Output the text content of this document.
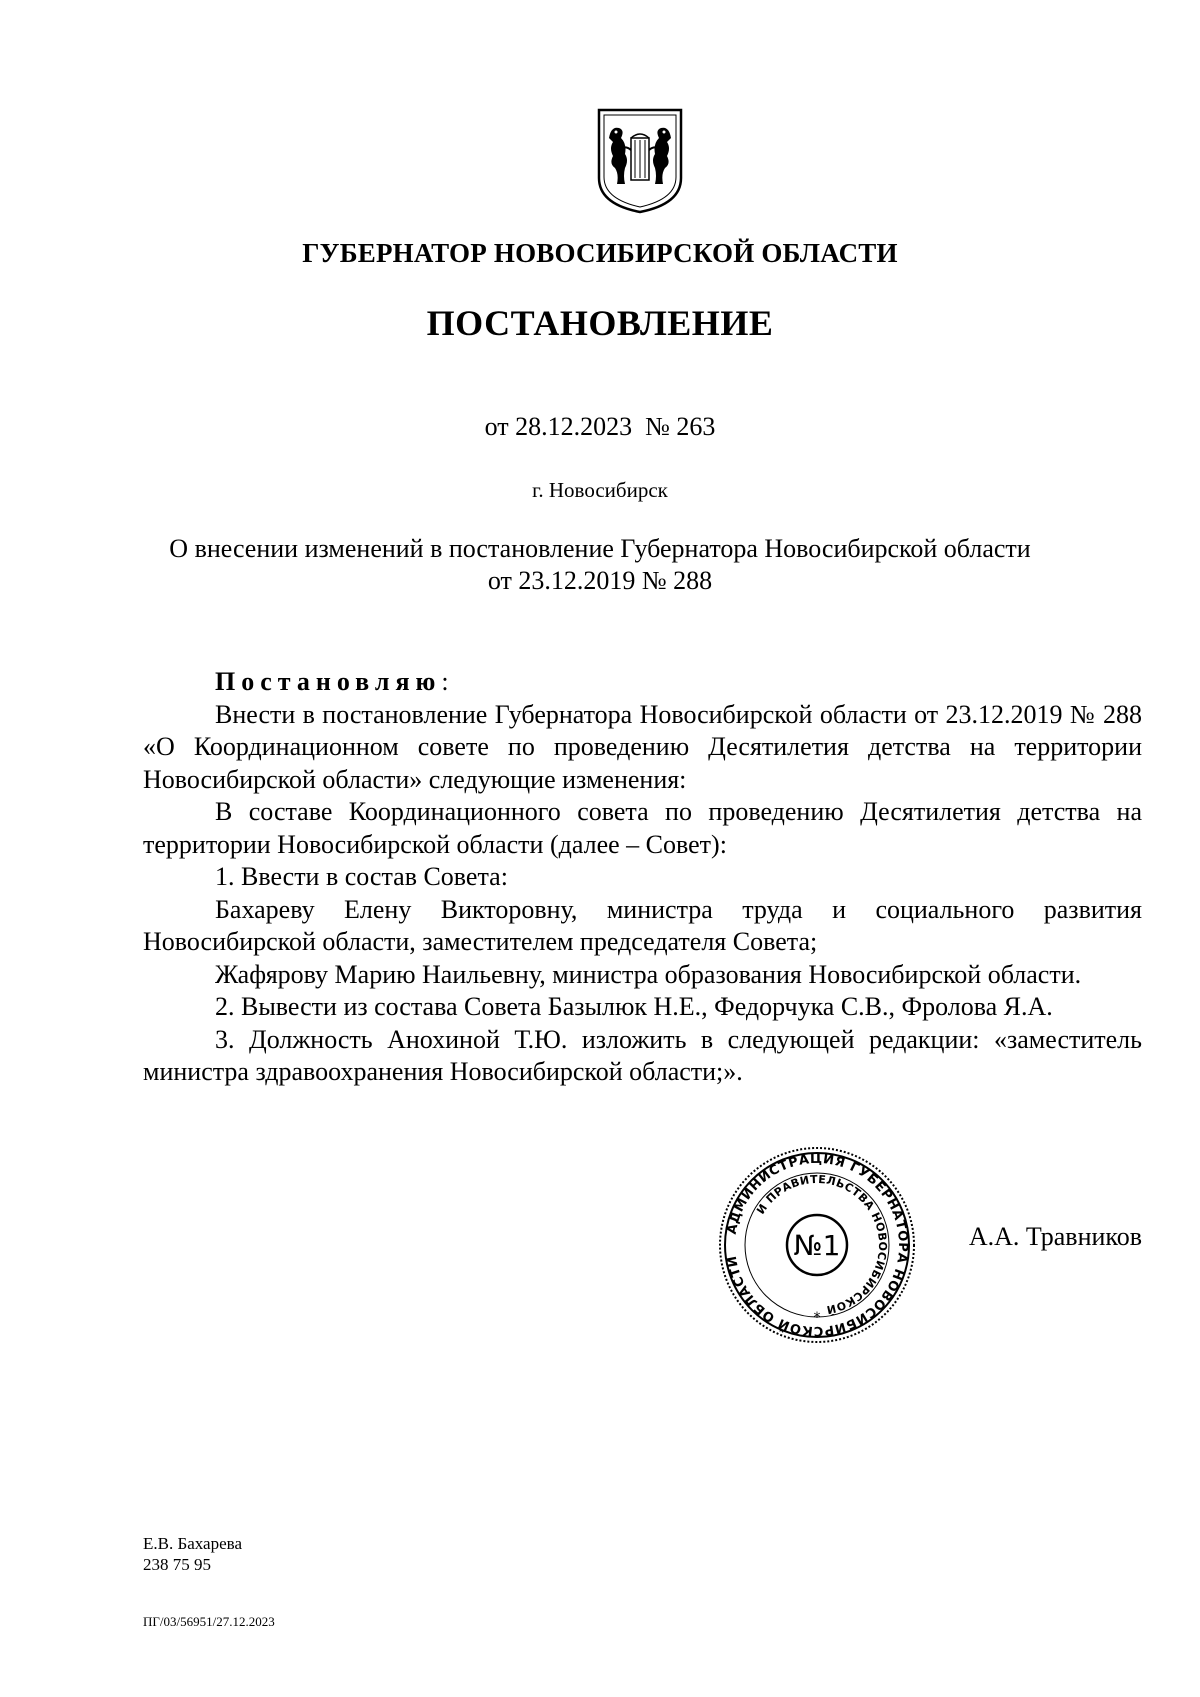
ГУБЕРНАТОР НОВОСИБИРСКОЙ ОБЛАСТИ
ПОСТАНОВЛЕНИЕ
от 28.12.2023  № 263
г. Новосибирск
О внесении изменений в постановление Губернатора Новосибирской области
от 23.12.2019 № 288

Постановляю:

Внести в постановление Губернатора Новосибирской области от 23.12.2019 № 288 «О Координационном совете по проведению Десятилетия детства на территории Новосибирской области» следующие изменения:

В составе Координационного совета по проведению Десятилетия детства на территории Новосибирской области (далее – Совет):

1. Ввести в состав Совета:

Бахареву Елену Викторовну, министра труда и социального развития Новосибирской области, заместителем председателя Совета;

Жафярову Марию Наильевну, министра образования Новосибирской области.

2. Вывести из состава Совета Базылюк Н.Е., Федорчука С.В., Фролова Я.А.

3. Должность Анохиной Т.Ю. изложить в следующей редакции: «заместитель министра здравоохранения Новосибирской области;».

АДМИНИСТРАЦИЯ ГУБЕРНАТОРА НОВОСИБИРСКОЙ ОБЛАСТИ
И ПРАВИТЕЛЬСТВА НОВОСИБИРСКОЙ
№1
*
А.А. Травников
Е.В. Бахарева
238 75 95
ПГ/03/56951/27.12.2023
